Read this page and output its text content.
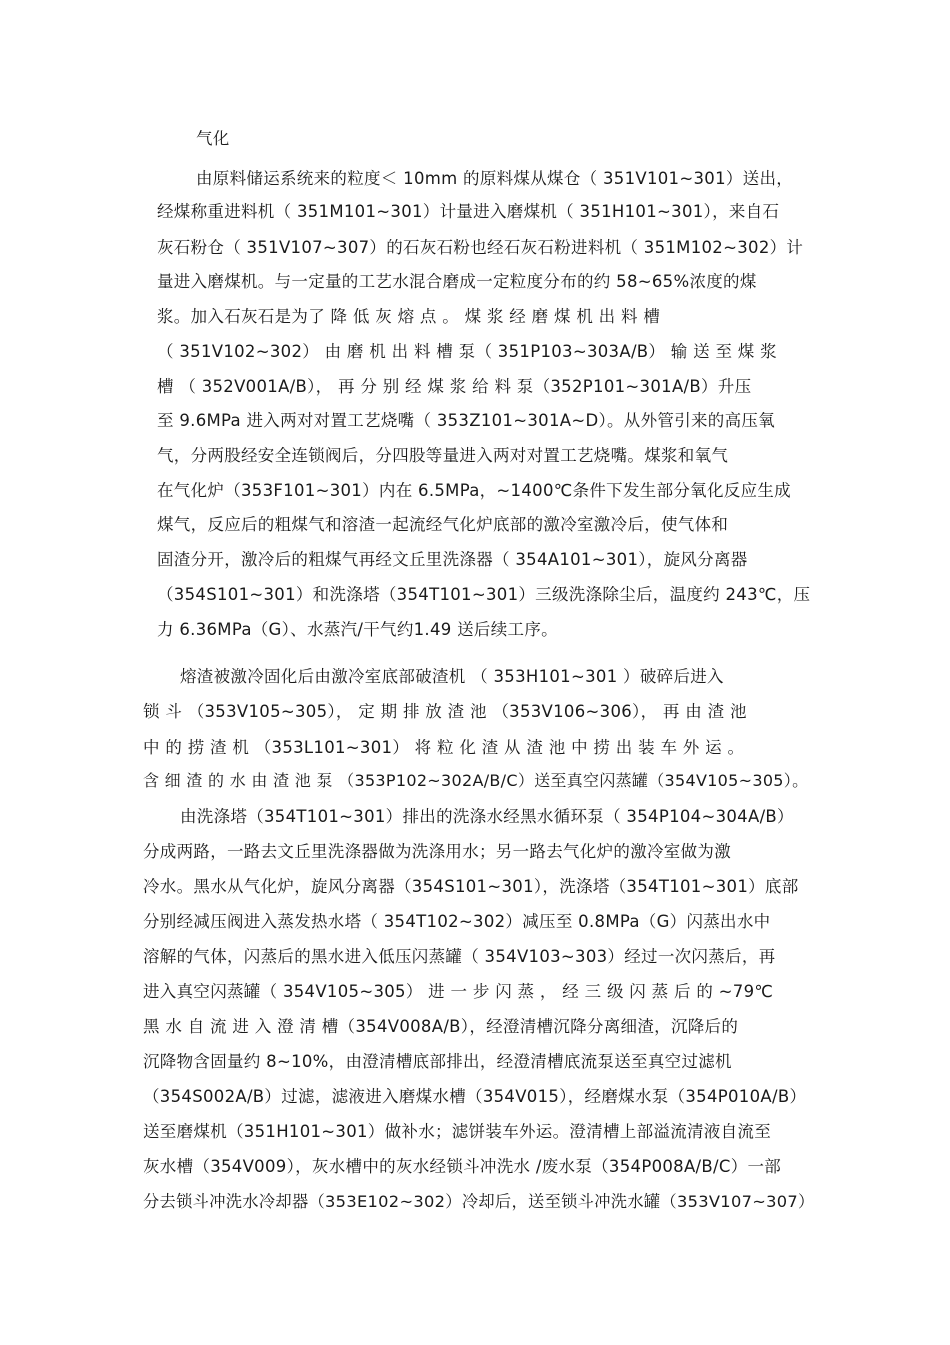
气化
由原料储运系统来的粒度＜ 10mm 的原料煤从煤仓（ 351V101~301）送出，
经煤称重进料机（ 351M101~301）计量进入磨煤机（ 351H101~301），来自石
灰石粉仓（ 351V107~307）的石灰石粉也经石灰石粉进料机（ 351M102~302）计
量进入磨煤机。与一定量的工艺水混合磨成一定粒度分布的约 58~65%浓度的煤
浆。加入石灰石是为了 降 低 灰 熔 点 。 煤 浆 经 磨 煤 机 出 料 槽
（ 351V102~302） 由 磨 机 出 料 槽 泵（ 351P103~303A/B） 输 送 至 煤 浆
槽 （ 352V001A/B）， 再 分 别 经 煤 浆 给 料 泵（352P101~301A/B）升压
至 9.6MPa 进入两对对置工艺烧嘴（ 353Z101~301A~D）。从外管引来的高压氧
气，分两股经安全连锁阀后，分四股等量进入两对对置工艺烧嘴。煤浆和氧气
在气化炉（353F101~301）内在 6.5MPa，~1400℃条件下发生部分氧化反应生成
煤气，反应后的粗煤气和溶渣一起流经气化炉底部的激冷室激冷后，使气体和
固渣分开，激冷后的粗煤气再经文丘里洗涤器（ 354A101~301），旋风分离器
（354S101~301）和洗涤塔（354T101~301）三级洗涤除尘后，温度约 243℃，压
力 6.36MPa（G）、水蒸汽/干气约1.49 送后续工序。
熔渣被激冷固化后由激冷室底部破渣机 （ 353H101~301 ）破碎后进入
锁 斗 （353V105~305）， 定 期 排 放 渣 池 （353V106~306）， 再 由 渣 池
中 的 捞 渣 机 （353L101~301） 将 粒 化 渣 从 渣 池 中 捞 出 装 车 外 运 。
含 细 渣 的 水 由 渣 池 泵 （353P102~302A/B/C）送至真空闪蒸罐（354V105~305）。
由洗涤塔（354T101~301）排出的洗涤水经黑水循环泵（ 354P104~304A/B）
分成两路，一路去文丘里洗涤器做为洗涤用水；另一路去气化炉的激冷室做为激
冷水。黑水从气化炉，旋风分离器（354S101~301），洗涤塔（354T101~301）底部
分别经减压阀进入蒸发热水塔（ 354T102~302）减压至 0.8MPa（G）闪蒸出水中
溶解的气体，闪蒸后的黑水进入低压闪蒸罐（ 354V103~303）经过一次闪蒸后，再
进入真空闪蒸罐（ 354V105~305） 进 一 步 闪 蒸 ， 经 三 级 闪 蒸 后 的 ~79℃
黑 水 自 流 进 入 澄 清 槽（354V008A/B），经澄清槽沉降分离细渣，沉降后的
沉降物含固量约 8~10%，由澄清槽底部排出，经澄清槽底流泵送至真空过滤机
（354S002A/B）过滤，滤液进入磨煤水槽（354V015），经磨煤水泵（354P010A/B）
送至磨煤机（351H101~301）做补水；滤饼装车外运。澄清槽上部溢流清液自流至
灰水槽（354V009），灰水槽中的灰水经锁斗冲洗水 /废水泵（354P008A/B/C）一部
分去锁斗冲洗水冷却器（353E102~302）冷却后，送至锁斗冲洗水罐（353V107~307）
